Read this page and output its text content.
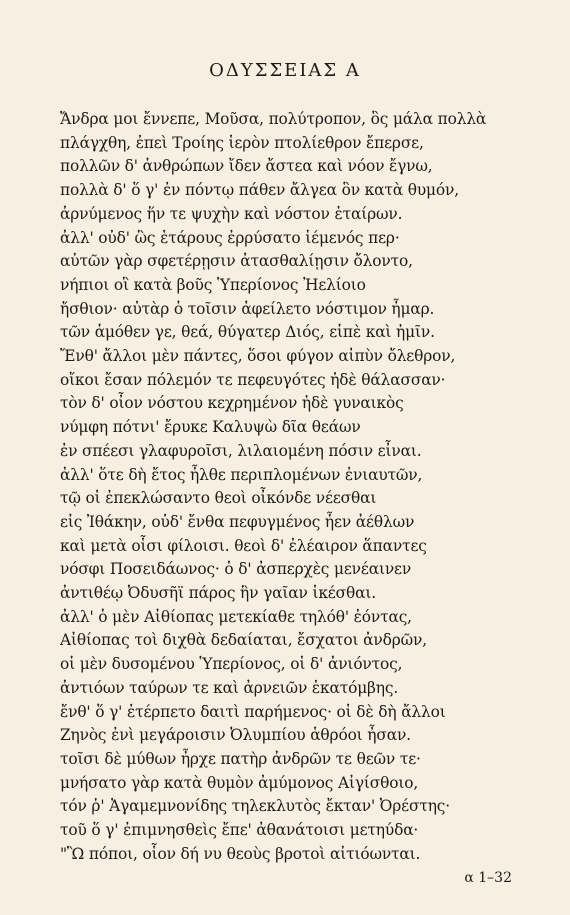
ΟΔΥΣΣΕΙΑΣ Α
Ἄνδρα μοι ἔννεπε, Μοῦσα, πολύτροπον, ὃς μάλα πολλὰ
πλάγχθη, ἐπεὶ Τροίης ἱερὸν πτολίεθρον ἔπερσε,
πολλῶν δ' ἀνθρώπων ἴδεν ἄστεα καὶ νόον ἔγνω,
πολλὰ δ' ὅ γ' ἐν πόντῳ πάθεν ἄλγεα ὃν κατὰ θυμόν,
ἀρνύμενος ἥν τε ψυχὴν καὶ νόστον ἑταίρων.
ἀλλ' οὐδ' ὣς ἑτάρους ἐρρύσατο ἱέμενός περ·
αὐτῶν γὰρ σφετέρῃσιν ἀτασθαλίῃσιν ὄλοντο,
νήπιοι οἳ κατὰ βοῦς Ὑπερίονος Ἠελίοιο
ἤσθιον· αὐτὰρ ὁ τοῖσιν ἀφείλετο νόστιμον ἦμαρ.
τῶν ἁμόθεν γε, θεά, θύγατερ Διός, εἰπὲ καὶ ἡμῖν.
Ἔνθ' ἄλλοι μὲν πάντες, ὅσοι φύγον αἰπὺν ὄλεθρον,
οἴκοι ἔσαν πόλεμόν τε πεφευγότες ἠδὲ θάλασσαν·
τὸν δ' οἶον νόστου κεχρημένον ἠδὲ γυναικὸς
νύμφη πότνι' ἔρυκε Καλυψὼ δῖα θεάων
ἐν σπέεσι γλαφυροῖσι, λιλαιομένη πόσιν εἶναι.
ἀλλ' ὅτε δὴ ἔτος ἦλθε περιπλομένων ἐνιαυτῶν,
τῷ οἱ ἐπεκλώσαντο θεοὶ οἶκόνδε νέεσθαι
εἰς Ἰθάκην, οὐδ' ἔνθα πεφυγμένος ἦεν ἀέθλων
καὶ μετὰ οἷσι φίλοισι. θεοὶ δ' ἐλέαιρον ἅπαντες
νόσφι Ποσειδάωνος· ὁ δ' ἀσπερχὲς μενέαινεν
ἀντιθέῳ Ὀδυσῆϊ πάρος ἣν γαῖαν ἱκέσθαι.
ἀλλ' ὁ μὲν Αἰθίοπας μετεκίαθε τηλόθ' ἐόντας,
Αἰθίοπας τοὶ διχθὰ δεδαίαται, ἔσχατοι ἀνδρῶν,
οἱ μὲν δυσομένου Ὑπερίονος, οἱ δ' ἀνιόντος,
ἀντιόων ταύρων τε καὶ ἀρνειῶν ἑκατόμβης.
ἔνθ' ὅ γ' ἐτέρπετο δαιτὶ παρήμενος· οἱ δὲ δὴ ἄλλοι
Ζηνὸς ἐνὶ μεγάροισιν Ὀλυμπίου ἁθρόοι ἦσαν.
τοῖσι δὲ μύθων ἦρχε πατὴρ ἀνδρῶν τε θεῶν τε·
μνήσατο γὰρ κατὰ θυμὸν ἀμύμονος Αἰγίσθοιο,
τόν ῥ' Ἀγαμεμνονίδης τηλεκλυτὸς ἔκταν' Ὀρέστης·
τοῦ ὅ γ' ἐπιμνησθεὶς ἔπε' ἀθανάτοισι μετηύδα·
"Ὢ πόποι, οἷον δή νυ θεοὺς βροτοὶ αἰτιόωνται.
α 1–32
